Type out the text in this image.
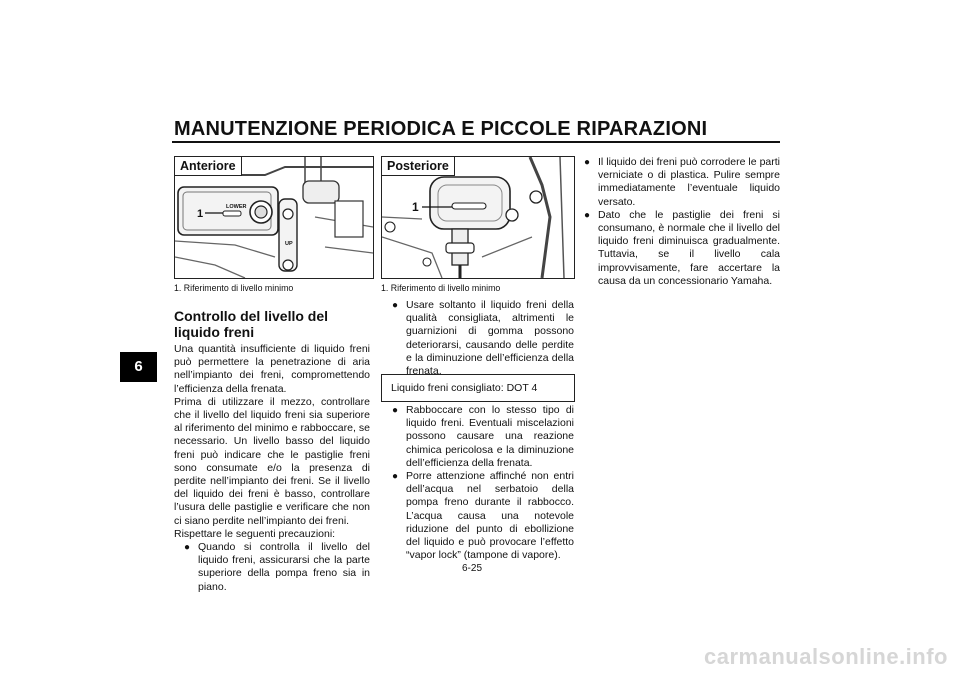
MANUTENZIONE PERIODICA E PICCOLE RIPARAZIONI
6
LOWER
UP
1
Anteriore
1. Riferimento di livello minimo
1
Posteriore
1. Riferimento di livello minimo
Controllo del livello del liquido freni

Una quantità insufficiente di liquido freni può permettere la penetrazione di aria nell’impianto dei freni, compromettendo l’efficienza della frenata.

Prima di utilizzare il mezzo, controllare che il livello del liquido freni sia superiore al riferimento del minimo e rabboccare, se necessario. Un livello basso del liquido freni può indicare che le pastiglie freni sono consumate e/o la presenza di perdite nell’impianto dei freni. Se il livello del liquido dei freni è basso, controllare l’usura delle pastiglie e verificare che non ci siano perdite nell’impianto dei freni.

Rispettare le seguenti precauzioni:

● Quando si controlla il livello del liquido freni, assicurarsi che la parte superiore della pompa freno sia in piano.
● Usare soltanto il liquido freni della qualità consigliata, altrimenti le guarnizioni di gomma possono deteriorarsi, causando delle perdite e la diminuzione dell’efficienza della frenata.
Liquido freni consigliato: DOT 4
● Rabboccare con lo stesso tipo di liquido freni. Eventuali miscelazioni possono causare una reazione chimica pericolosa e la diminuzione dell’efficienza della frenata.
● Porre attenzione affinché non entri dell’acqua nel serbatoio della pompa freno durante il rabbocco. L’acqua causa una notevole riduzione del punto di ebollizione del liquido e può provocare l’effetto “vapor lock” (tampone di vapore).
● Il liquido dei freni può corrodere le parti verniciate o di plastica. Pulire sempre immediatamente l’eventuale liquido versato.
● Dato che le pastiglie dei freni si consumano, è normale che il livello del liquido freni diminuisca gradualmente. Tuttavia, se il livello cala improvvisamente, fare accertare la causa da un concessionario Yamaha.
6-25
carmanualsonline.info
